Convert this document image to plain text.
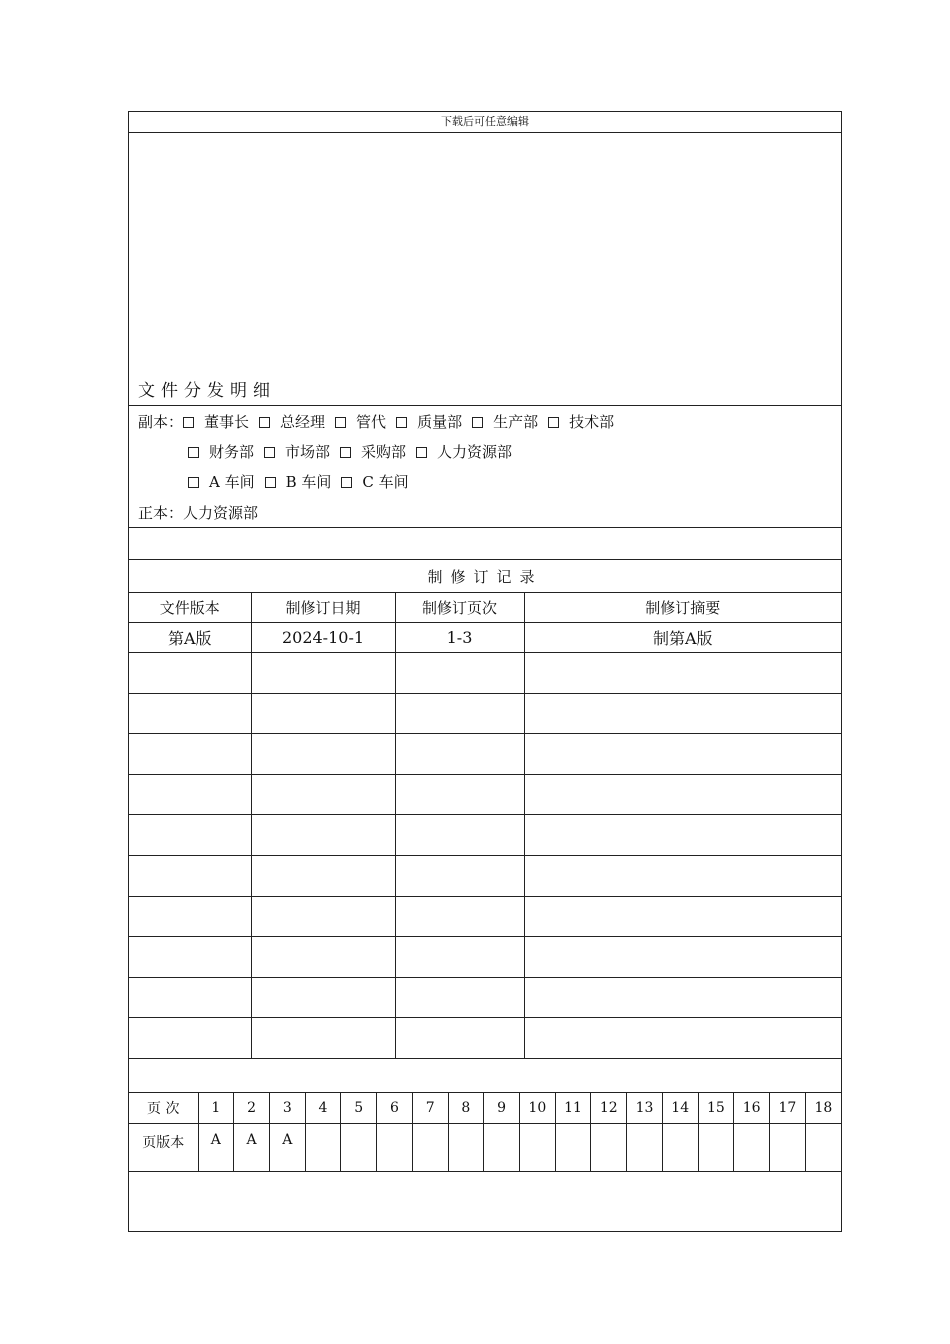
下载后可任意编辑
文件分发明细
副本： 董事长 总经理 管代 质量部 生产部 技术部
财务部 市场部 采购部 人力资源部
A 车间 B 车间 C 车间
正本：人力资源部
制修订记录
文件版本	制修订日期	制修订页次	制修订摘要
第A版	2024-10-1	1-3	制第A版

页 次	1	2	3	4	5	6	7	8	9	10	11	12	13	14	15	16	17	18
页版本	A	A	A															
